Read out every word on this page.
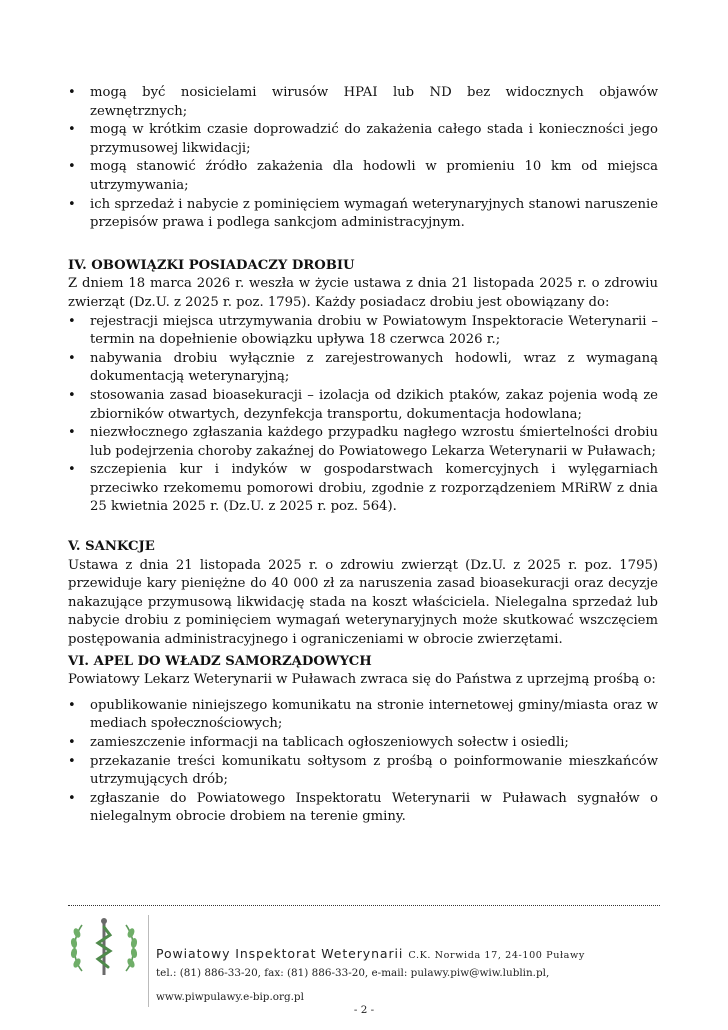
• mogą być nosicielami wirusów HPAI lub ND bez widocznych objawów zewnętrznych;
• mogą w krótkim czasie doprowadzić do zakażenia całego stada i konieczności jego przymusowej likwidacji;
• mogą stanowić źródło zakażenia dla hodowli w promieniu 10 km od miejsca utrzymywania;
• ich sprzedaż i nabycie z pominięciem wymagań weterynaryjnych stanowi naruszenie przepisów prawa i podlega sankcjom administracyjnym.
IV. OBOWIĄZKI POSIADACZY DROBIU

Z dniem 18 marca 2026 r. weszła w życie ustawa z dnia 21 listopada 2025 r. o zdrowiu zwierząt (Dz.U. z 2025 r. poz. 1795). Każdy posiadacz drobiu jest obowiązany do:

• rejestracji miejsca utrzymywania drobiu w Powiatowym Inspektoracie Weterynarii – termin na dopełnienie obowiązku upływa 18 czerwca 2026 r.;
• nabywania drobiu wyłącznie z zarejestrowanych hodowli, wraz z wymaganą dokumentacją weterynaryjną;
• stosowania zasad bioasekuracji – izolacja od dzikich ptaków, zakaz pojenia wodą ze zbiorników otwartych, dezynfekcja transportu, dokumentacja hodowlana;
• niezwłocznego zgłaszania każdego przypadku nagłego wzrostu śmiertelności drobiu lub podejrzenia choroby zakaźnej do Powiatowego Lekarza Weterynarii w Puławach;
• szczepienia kur i indyków w gospodarstwach komercyjnych i wylęgarniach przeciwko rzekomemu pomorowi drobiu, zgodnie z rozporządzeniem MRiRW z dnia 25 kwietnia 2025 r. (Dz.U. z 2025 r. poz. 564).
V. SANKCJE

Ustawa z dnia 21 listopada 2025 r. o zdrowiu zwierząt (Dz.U. z 2025 r. poz. 1795) przewiduje kary pieniężne do 40 000 zł za naruszenia zasad bioasekuracji oraz decyzje nakazujące przymusową likwidację stada na koszt właściciela. Nielegalna sprzedaż lub nabycie drobiu z pominięciem wymagań weterynaryjnych może skutkować wszczęciem postępowania administracyjnego i ograniczeniami w obrocie zwierzętami.

VI. APEL DO WŁADZ SAMORZĄDOWYCH

Powiatowy Lekarz Weterynarii w Puławach zwraca się do Państwa z uprzejmą prośbą o:

• opublikowanie niniejszego komunikatu na stronie internetowej gminy/miasta oraz w mediach społecznościowych;
• zamieszczenie informacji na tablicach ogłoszeniowych sołectw i osiedli;
• przekazanie treści komunikatu sołtysom z prośbą o poinformowanie mieszkańców utrzymujących drób;
• zgłaszanie do Powiatowego Inspektoratu Weterynarii w Puławach sygnałów o nielegalnym obrocie drobiem na terenie gminy.
Powiatowy Inspektorat Weterynarii C.K. Norwida 17, 24-100 Puławy
tel.: (81) 886-33-20, fax: (81) 886-33-20, e-mail: pulawy.piw@wiw.lublin.pl,
www.piwpulawy.e-bip.org.pl
- 2 -
